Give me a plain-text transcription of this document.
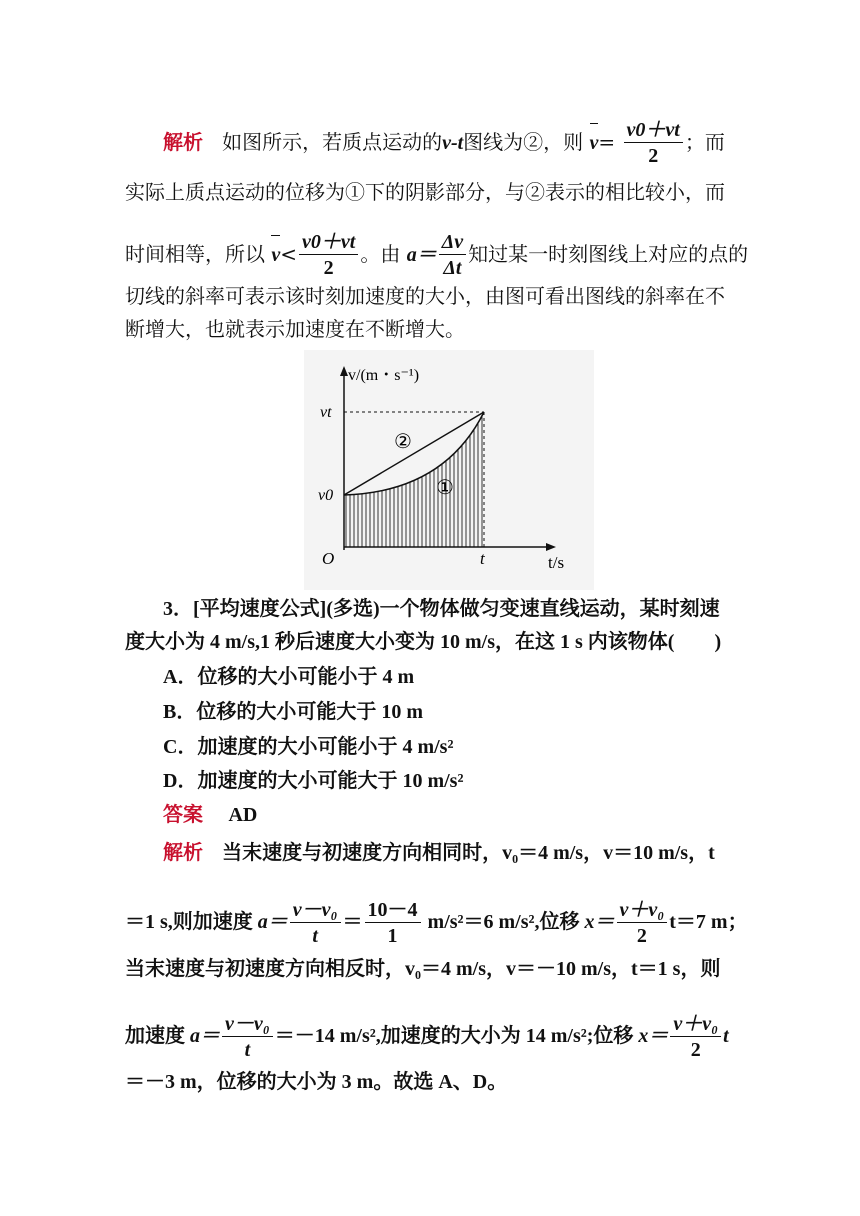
解析 如图所示，若质点运动的v-t图线为②，则 $v= \frac{v0+vt}{2}$ ；而
实际上质点运动的位移为①下的阴影部分，与②表示的相比较小，而
时间相等，所以 $v< \frac{v0+vt}{2}$ 。由 $a= \frac{\Delta v}{\Delta t}$ 知过某一时刻图线上对应的点的
切线的斜率可表示该时刻加速度的大小，由图可看出图线的斜率在不
断增大，也就表示加速度在不断增大。
v/(m・s⁻¹)
vt
v0
O	t	t/s
②
①
3．[平均速度公式](多选)一个物体做匀变速直线运动，某时刻速
度大小为 4 m/s,1 秒后速度大小变为 10 m/s，在这 1 s 内该物体(　　)
A．位移的大小可能小于 4 m
B．位移的大小可能大于 10 m
C．加速度的大小可能小于 4 m/s²
D．加速度的大小可能大于 10 m/s²
答案 AD
解析 当末速度与初速度方向相同时，v₀＝4 m/s，v＝10 m/s，t
＝1 s,则加速度 $a= \frac{\text{v－v₀}}{t} = \frac{10-4}{1} m/s^2=6$ m/s²,位移 $x= \frac{\text{v＋v₀}}{2} t=7$ m；
当末速度与初速度方向相反时，v₀＝4 m/s，v＝－10 m/s，t＝1 s，则
加速度 $a= \frac{\text{v－v₀}}{t} =-14$ m/s²,加速度的大小为 14 m/s²;位移 $x= \frac{\text{v＋v₀}}{2}$ t
＝－3 m，位移的大小为 3 m。故选 A、D。
